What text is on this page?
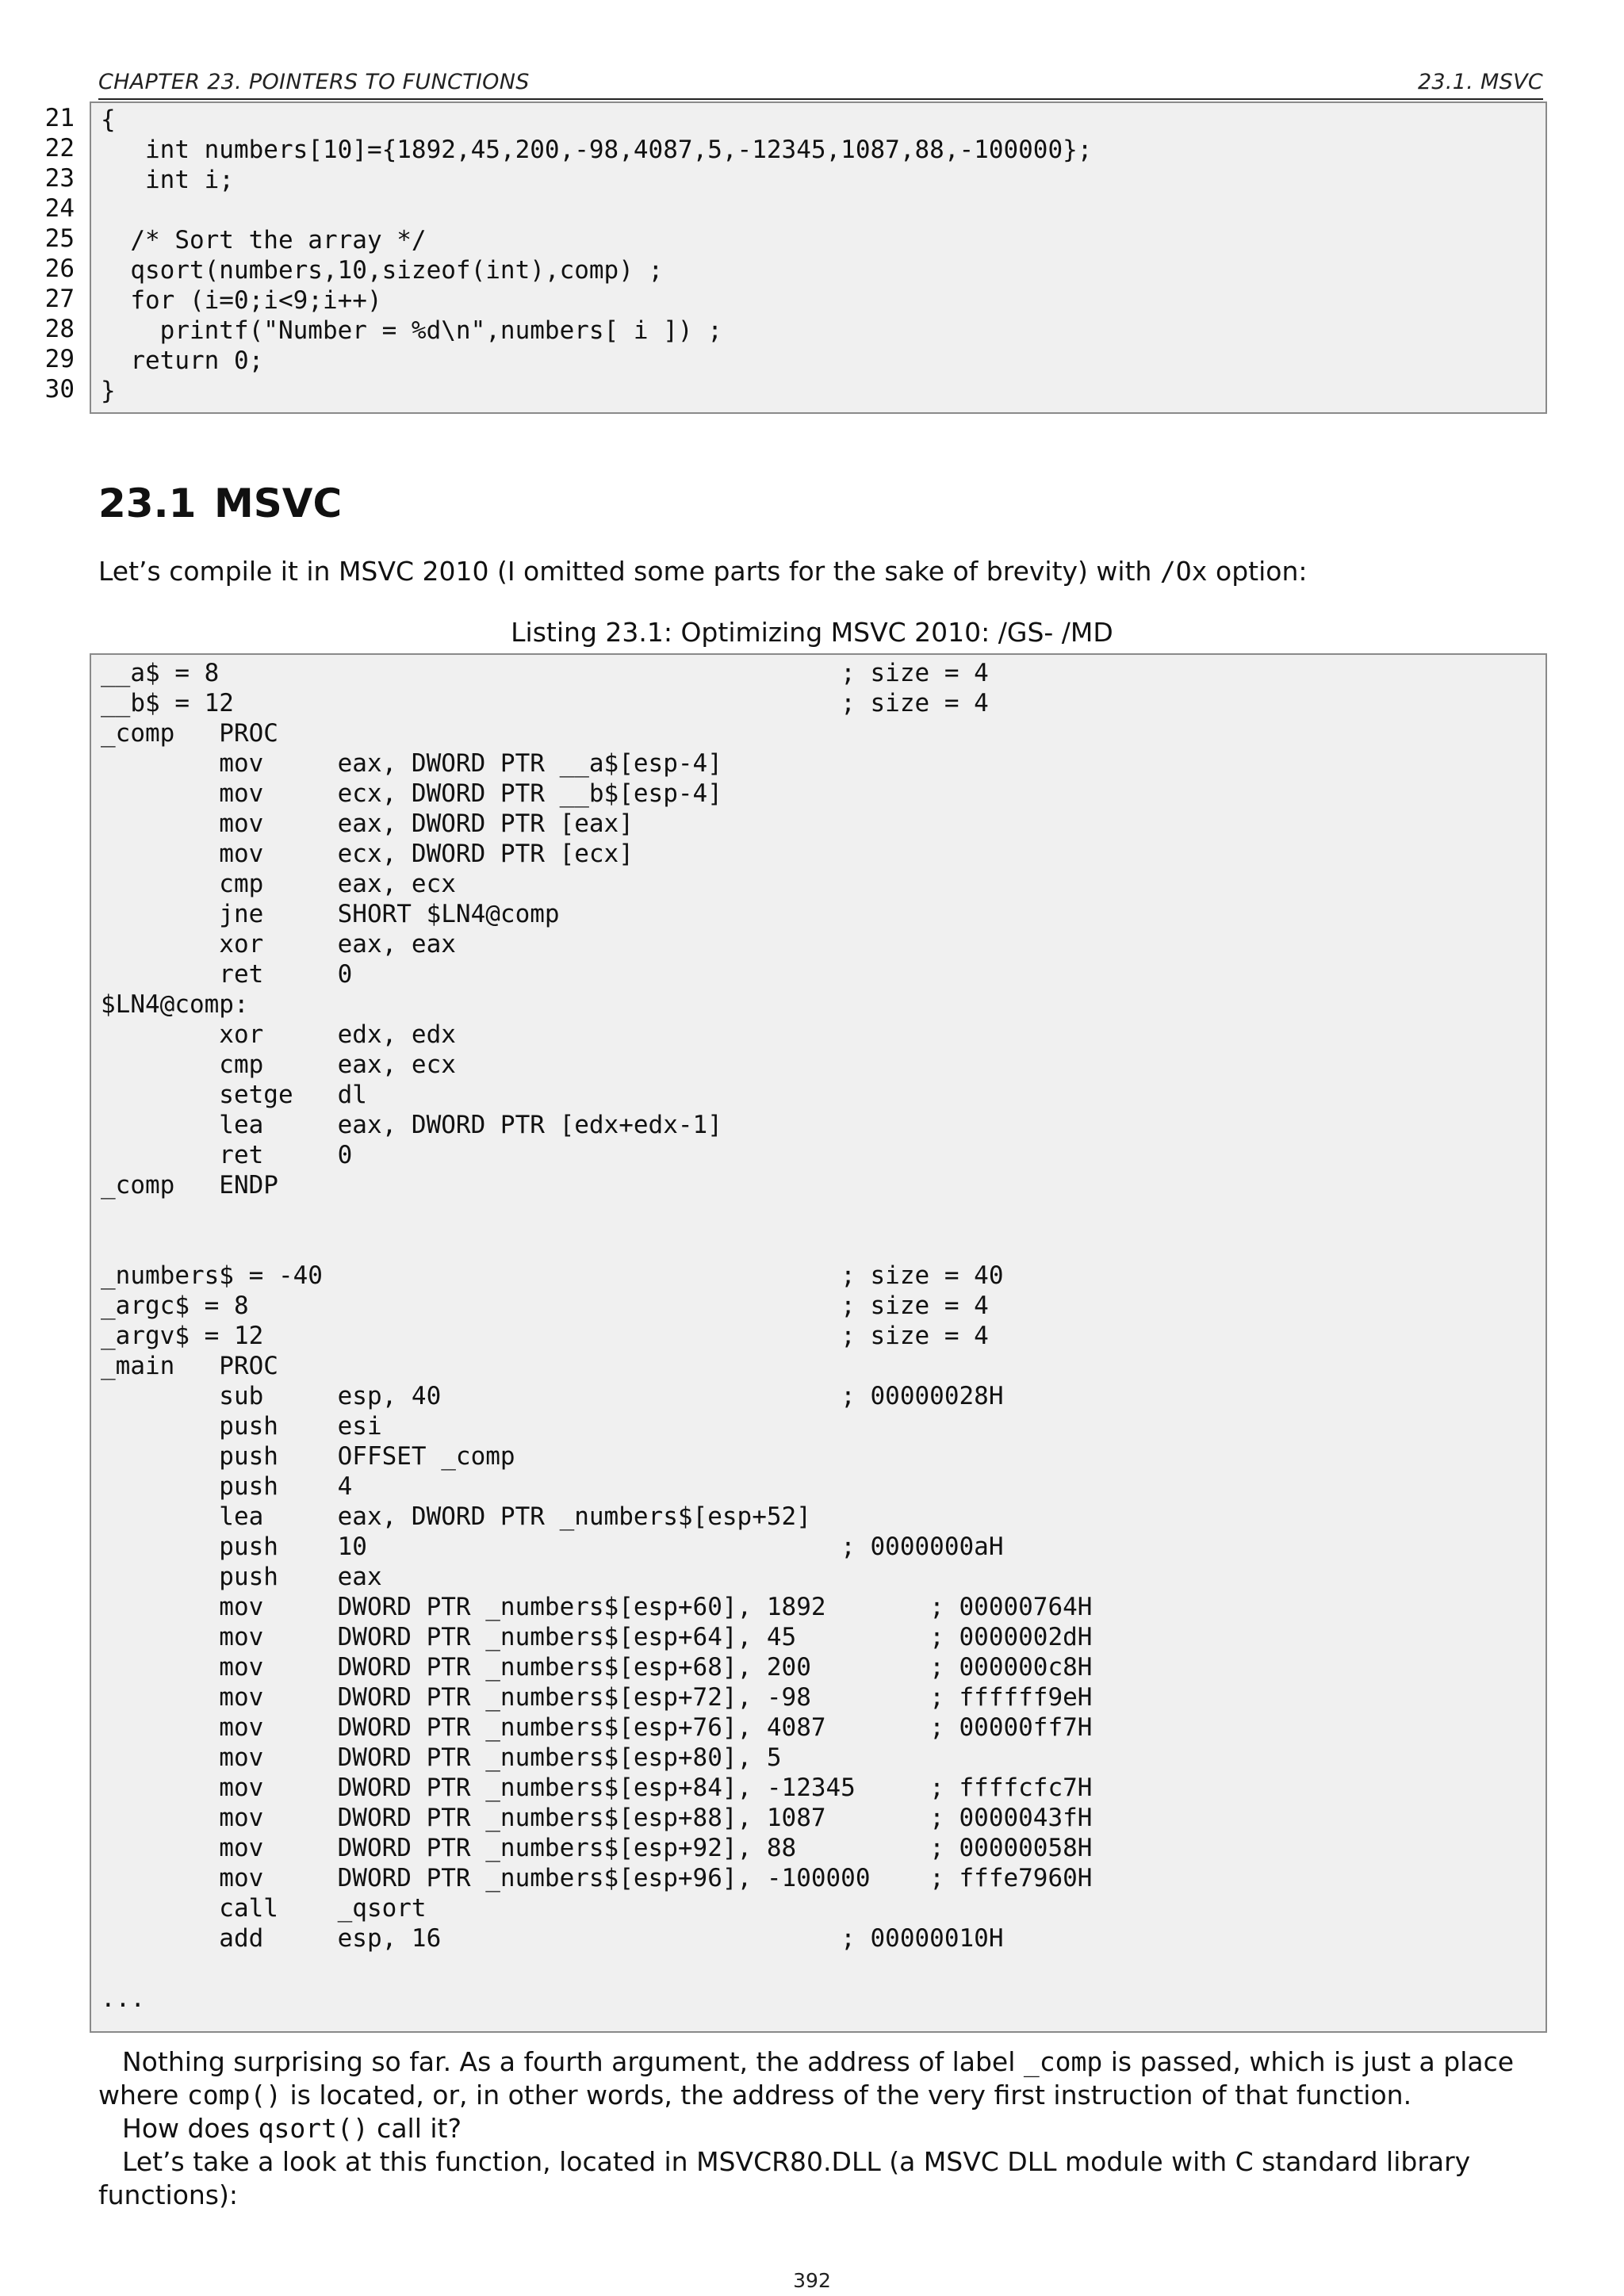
CHAPTER 23. POINTERS TO FUNCTIONS	23.1. MSVC
21
22
23
24
25
26
27
28
29
30
{
int numbers[10]={1892,45,200,-98,4087,5,-12345,1087,88,-100000};
int i;

/* Sort the array */
qsort(numbers,10,sizeof(int),comp) ;
for (i=0;i<9;i++)
printf("Number = %d\n",numbers[ i ]) ;
return 0;
}
23.1 MSVC
Let’s compile it in MSVC 2010 (I omitted some parts for the sake of brevity) with /Ox option:
Listing 23.1: Optimizing MSVC 2010: /GS- /MD
__a$ = 8                                          ; size = 4
__b$ = 12                                         ; size = 4
_comp   PROC
mov     eax, DWORD PTR __a$[esp-4]
mov     ecx, DWORD PTR __b$[esp-4]
mov     eax, DWORD PTR [eax]
mov     ecx, DWORD PTR [ecx]
cmp     eax, ecx
jne     SHORT $LN4@comp
xor     eax, eax
ret     0
$LN4@comp:
xor     edx, edx
cmp     eax, ecx
setge   dl
lea     eax, DWORD PTR [edx+edx-1]
ret     0
_comp   ENDP

_numbers$ = -40                                   ; size = 40
_argc$ = 8                                        ; size = 4
_argv$ = 12                                       ; size = 4
_main   PROC
sub     esp, 40                           ; 00000028H
push    esi
push    OFFSET _comp
push    4
lea     eax, DWORD PTR _numbers$[esp+52]
push    10                                ; 0000000aH
push    eax
mov     DWORD PTR _numbers$[esp+60], 1892       ; 00000764H
mov     DWORD PTR _numbers$[esp+64], 45         ; 0000002dH
mov     DWORD PTR _numbers$[esp+68], 200        ; 000000c8H
mov     DWORD PTR _numbers$[esp+72], -98        ; ffffff9eH
mov     DWORD PTR _numbers$[esp+76], 4087       ; 00000ff7H
mov     DWORD PTR _numbers$[esp+80], 5
mov     DWORD PTR _numbers$[esp+84], -12345     ; ffffcfc7H
mov     DWORD PTR _numbers$[esp+88], 1087       ; 0000043fH
mov     DWORD PTR _numbers$[esp+92], 88         ; 00000058H
mov     DWORD PTR _numbers$[esp+96], -100000    ; fffe7960H
call    _qsort
add     esp, 16                           ; 00000010H

...
Nothing surprising so far. As a fourth argument, the address of label _comp is passed, which is just a place where comp() is located, or, in other words, the address of the very first instruction of that function.
How does qsort() call it?
Let’s take a look at this function, located in MSVCR80.DLL (a MSVC DLL module with C standard library functions):
392
